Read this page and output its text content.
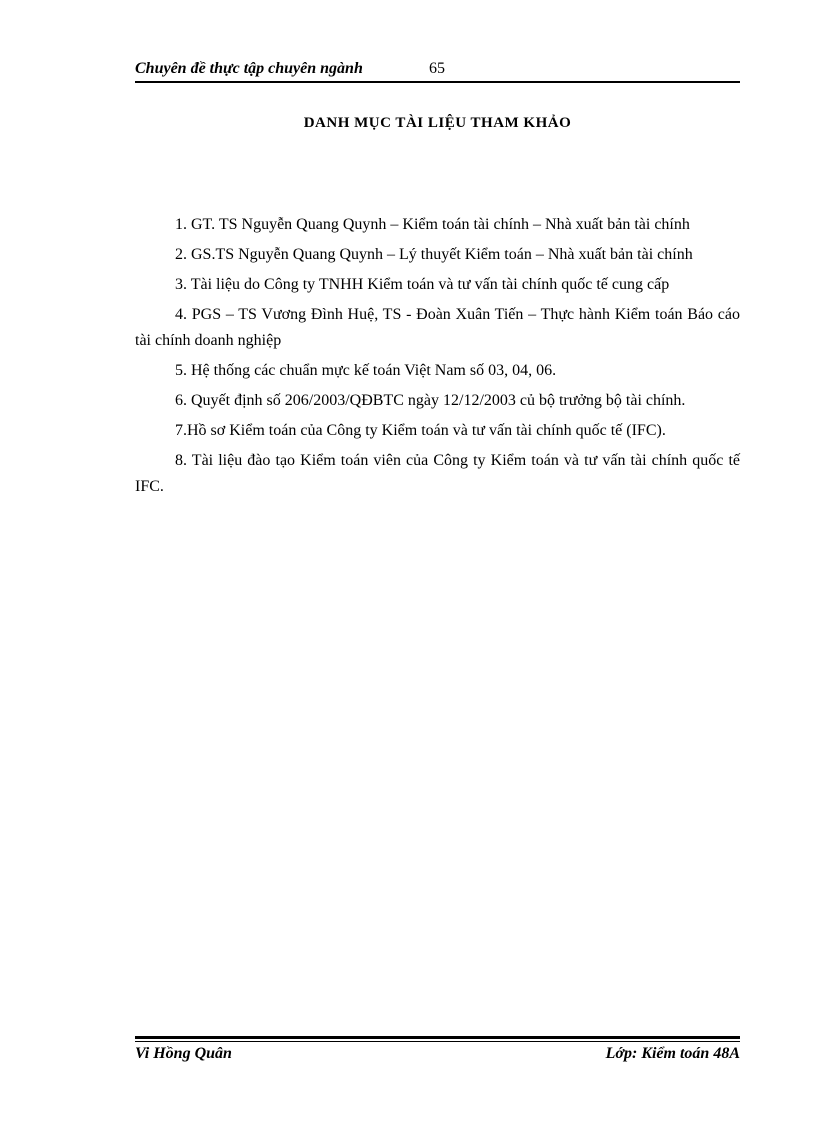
Chuyên đề thực tập chuyên ngành	65
DANH MỤC TÀI LIỆU THAM KHẢO
1. GT. TS Nguyễn Quang Quynh – Kiểm toán tài chính – Nhà xuất bản tài chính
2. GS.TS Nguyễn Quang Quynh – Lý thuyết Kiểm toán – Nhà xuất bản tài chính
3. Tài liệu do Công ty TNHH Kiểm toán và tư vấn tài chính quốc tế cung cấp
4. PGS – TS Vương Đình Huệ, TS - Đoàn Xuân Tiến – Thực hành Kiểm toán Báo cáo tài chính doanh nghiệp
5. Hệ thống các chuẩn mực kế toán Việt Nam số 03, 04, 06.
6. Quyết định số 206/2003/QĐBTC ngày 12/12/2003 củ bộ trưởng bộ tài chính.
7.Hồ sơ Kiểm toán của Công ty Kiểm toán và tư vấn tài chính quốc tế (IFC).
8. Tài liệu đào tạo Kiểm toán viên của Công ty Kiểm toán và tư vấn tài chính quốc tế IFC.
Vi Hồng Quân	Lớp: Kiểm toán 48A
